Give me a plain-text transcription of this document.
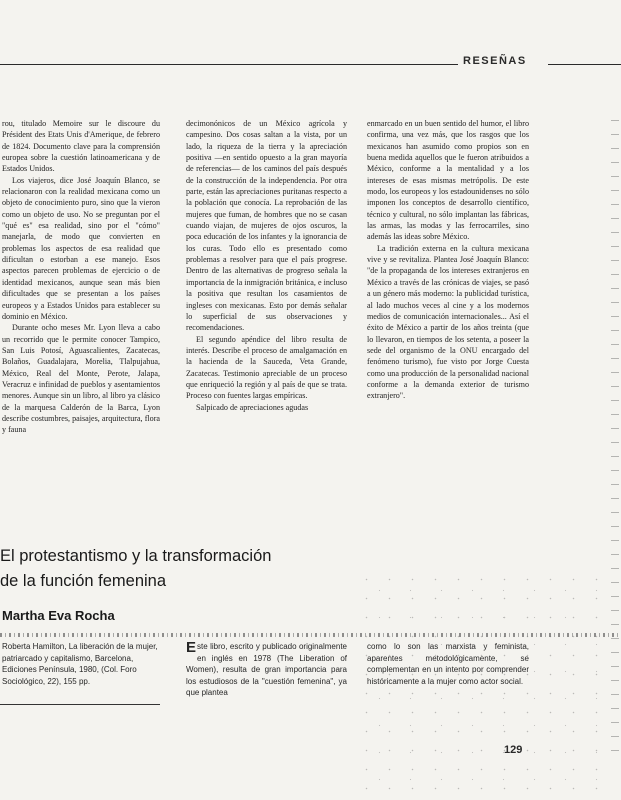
RESEÑAS

rou, titulado Memoire sur le discoure du Président des Etats Unis d'Amerique, de febrero de 1824. Documento clave para la comprensión europea sobre la cuestión latinoamericana y de Estados Unidos.

Los viajeros, dice José Joaquín Blanco, se relacionaron con la realidad mexicana como un objeto de conocimiento puro, sino que la vieron como un objeto de uso. No se preguntan por el "qué es" esa realidad, sino por el "cómo" manejarla, de modo que convierten en problemas los aspectos de esa realidad que dificultan o estorban a ese manejo. Esos aspectos parecen problemas de ejercicio o de identidad mexicanos, aunque sean más bien dificultades que se presentan a los países europeos y a Estados Unidos para establecer su dominio en México.

Durante ocho meses Mr. Lyon lleva a cabo un recorrido que le permite conocer Tampico, San Luis Potosí, Aguascalientes, Zacatecas, Bolaños, Guadalajara, Morelia, Tlalpujahua, México, Real del Monte, Perote, Jalapa, Veracruz e infinidad de pueblos y asentamientos menores. Aunque sin un libro, al libro ya clásico de la marquesa Calderón de la Barca, Lyon describe costumbres, paisajes, arquitectura, flora y fauna

decimonónicos de un México agrícola y campesino. Dos cosas saltan a la vista, por un lado, la riqueza de la tierra y la apreciación positiva —en sentido opuesto a la gran mayoría de referencias— de los caminos del país después de la construcción de la independencia. Por otra parte, están las apreciaciones puritanas respecto a la población que conocía. La reprobación de las mujeres que fuman, de hombres que no se casan cuando viajan, de mujeres de ojos oscuros, la poca educación de los infantes y la ignorancia de los curas. Todo ello es presentado como problemas a resolver para que el país progrese. Dentro de las alternativas de progreso señala la importancia de la inmigración británica, e incluso la positiva que resultan los casamientos de ingleses con mexicanas. Esto por demás señalar lo superficial de sus observaciones y recomendaciones.

El segundo apéndice del libro resulta de interés. Describe el proceso de amalgamación en la hacienda de la Sauceda, Veta Grande, Zacatecas. Testimonio apreciable de un proceso que enriqueció la región y al país de que se trata. Proceso con fuentes largas empíricas.

Salpicado de apreciaciones agudas

enmarcado en un buen sentido del humor, el libro confirma, una vez más, que los rasgos que los mexicanos han asumido como propios son en buena medida aquellos que le fueron atribuidos a México, conforme a la mentalidad y a los intereses de esas mismas metrópolis. De este modo, los europeos y los estadounidenses no sólo imponen los conceptos de desarrollo científico, técnico y cultural, no sólo implantan las fábricas, las armas, las modas y las ferrocarriles, sino además las ideas sobre México.

La tradición externa en la cultura mexicana vive y se revitaliza. Plantea José Joaquín Blanco: "de la propaganda de los intereses extranjeros en México a través de las crónicas de viajes, se pasó a un género más moderno: la publicidad turística, al lado muchos veces al cine y a los modernos medios de comunicación internacionales... Así el éxito de México a partir de los años treinta (que lo llevaron, en tiempos de los setenta, a poseer la sede del organismo de la ONU encargado del fenómeno turismo), fue visto por Jorge Cuesta como una producción de la personalidad nacional conforme a la demanda exterior de turismo extranjero".

El protestantismo y la transformación
de la función femenina
Martha Eva Rocha
Roberta Hamilton, La liberación de la mujer, patriarcado y capitalismo, Barcelona, Ediciones Península, 1980, (Col. Foro Sociológico, 22), 155 pp.
Este libro, escrito y publicado originalmente en inglés en 1978 (The Liberation of Women), resulta de gran importancia para los estudiosos de la "cuestión femenina", ya que plantea
como lo son las marxista y feminista, aparentes metodológicamente, se complementan en un intento por comprender históricamente a la mujer como actor social.
129
